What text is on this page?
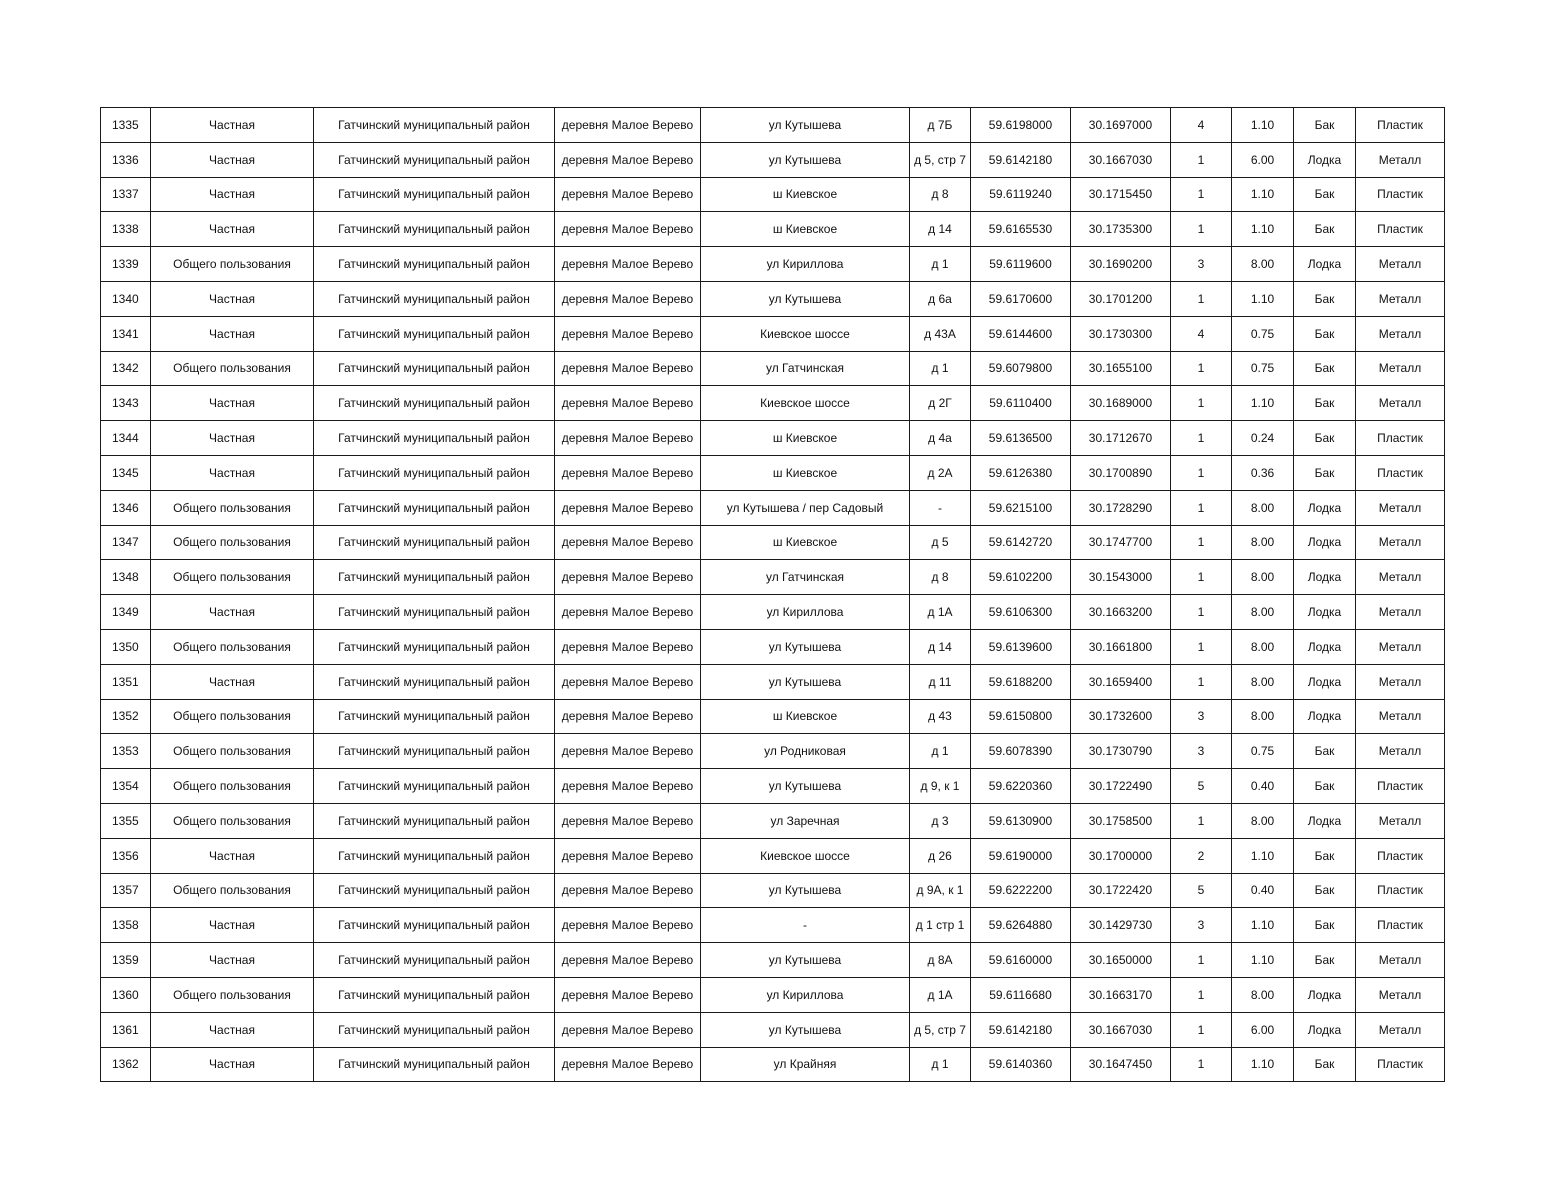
1335	Частная	Гатчинский муниципальный район	деревня Малое Верево	ул Кутышева	д 7Б	59.6198000	30.1697000	4	1.10	Бак	Пластик
1336	Частная	Гатчинский муниципальный район	деревня Малое Верево	ул Кутышева	д 5, стр 7	59.6142180	30.1667030	1	6.00	Лодка	Металл
1337	Частная	Гатчинский муниципальный район	деревня Малое Верево	ш Киевское	д 8	59.6119240	30.1715450	1	1.10	Бак	Пластик
1338	Частная	Гатчинский муниципальный район	деревня Малое Верево	ш Киевское	д 14	59.6165530	30.1735300	1	1.10	Бак	Пластик
1339	Общего пользования	Гатчинский муниципальный район	деревня Малое Верево	ул Кириллова	д 1	59.6119600	30.1690200	3	8.00	Лодка	Металл
1340	Частная	Гатчинский муниципальный район	деревня Малое Верево	ул Кутышева	д 6а	59.6170600	30.1701200	1	1.10	Бак	Металл
1341	Частная	Гатчинский муниципальный район	деревня Малое Верево	Киевское шоссе	д 43А	59.6144600	30.1730300	4	0.75	Бак	Металл
1342	Общего пользования	Гатчинский муниципальный район	деревня Малое Верево	ул Гатчинская	д 1	59.6079800	30.1655100	1	0.75	Бак	Металл
1343	Частная	Гатчинский муниципальный район	деревня Малое Верево	Киевское шоссе	д 2Г	59.6110400	30.1689000	1	1.10	Бак	Металл
1344	Частная	Гатчинский муниципальный район	деревня Малое Верево	ш Киевское	д 4а	59.6136500	30.1712670	1	0.24	Бак	Пластик
1345	Частная	Гатчинский муниципальный район	деревня Малое Верево	ш Киевское	д 2А	59.6126380	30.1700890	1	0.36	Бак	Пластик
1346	Общего пользования	Гатчинский муниципальный район	деревня Малое Верево	ул Кутышева / пер Садовый	-	59.6215100	30.1728290	1	8.00	Лодка	Металл
1347	Общего пользования	Гатчинский муниципальный район	деревня Малое Верево	ш Киевское	д 5	59.6142720	30.1747700	1	8.00	Лодка	Металл
1348	Общего пользования	Гатчинский муниципальный район	деревня Малое Верево	ул Гатчинская	д 8	59.6102200	30.1543000	1	8.00	Лодка	Металл
1349	Частная	Гатчинский муниципальный район	деревня Малое Верево	ул Кириллова	д 1А	59.6106300	30.1663200	1	8.00	Лодка	Металл
1350	Общего пользования	Гатчинский муниципальный район	деревня Малое Верево	ул Кутышева	д 14	59.6139600	30.1661800	1	8.00	Лодка	Металл
1351	Частная	Гатчинский муниципальный район	деревня Малое Верево	ул Кутышева	д 11	59.6188200	30.1659400	1	8.00	Лодка	Металл
1352	Общего пользования	Гатчинский муниципальный район	деревня Малое Верево	ш Киевское	д 43	59.6150800	30.1732600	3	8.00	Лодка	Металл
1353	Общего пользования	Гатчинский муниципальный район	деревня Малое Верево	ул Родниковая	д 1	59.6078390	30.1730790	3	0.75	Бак	Металл
1354	Общего пользования	Гатчинский муниципальный район	деревня Малое Верево	ул Кутышева	д 9, к 1	59.6220360	30.1722490	5	0.40	Бак	Пластик
1355	Общего пользования	Гатчинский муниципальный район	деревня Малое Верево	ул Заречная	д 3	59.6130900	30.1758500	1	8.00	Лодка	Металл
1356	Частная	Гатчинский муниципальный район	деревня Малое Верево	Киевское шоссе	д 26	59.6190000	30.1700000	2	1.10	Бак	Пластик
1357	Общего пользования	Гатчинский муниципальный район	деревня Малое Верево	ул Кутышева	д 9А, к 1	59.6222200	30.1722420	5	0.40	Бак	Пластик
1358	Частная	Гатчинский муниципальный район	деревня Малое Верево	-	д 1 стр 1	59.6264880	30.1429730	3	1.10	Бак	Пластик
1359	Частная	Гатчинский муниципальный район	деревня Малое Верево	ул Кутышева	д 8А	59.6160000	30.1650000	1	1.10	Бак	Металл
1360	Общего пользования	Гатчинский муниципальный район	деревня Малое Верево	ул Кириллова	д 1А	59.6116680	30.1663170	1	8.00	Лодка	Металл
1361	Частная	Гатчинский муниципальный район	деревня Малое Верево	ул Кутышева	д 5, стр 7	59.6142180	30.1667030	1	6.00	Лодка	Металл
1362	Частная	Гатчинский муниципальный район	деревня Малое Верево	ул Крайняя	д 1	59.6140360	30.1647450	1	1.10	Бак	Пластик
